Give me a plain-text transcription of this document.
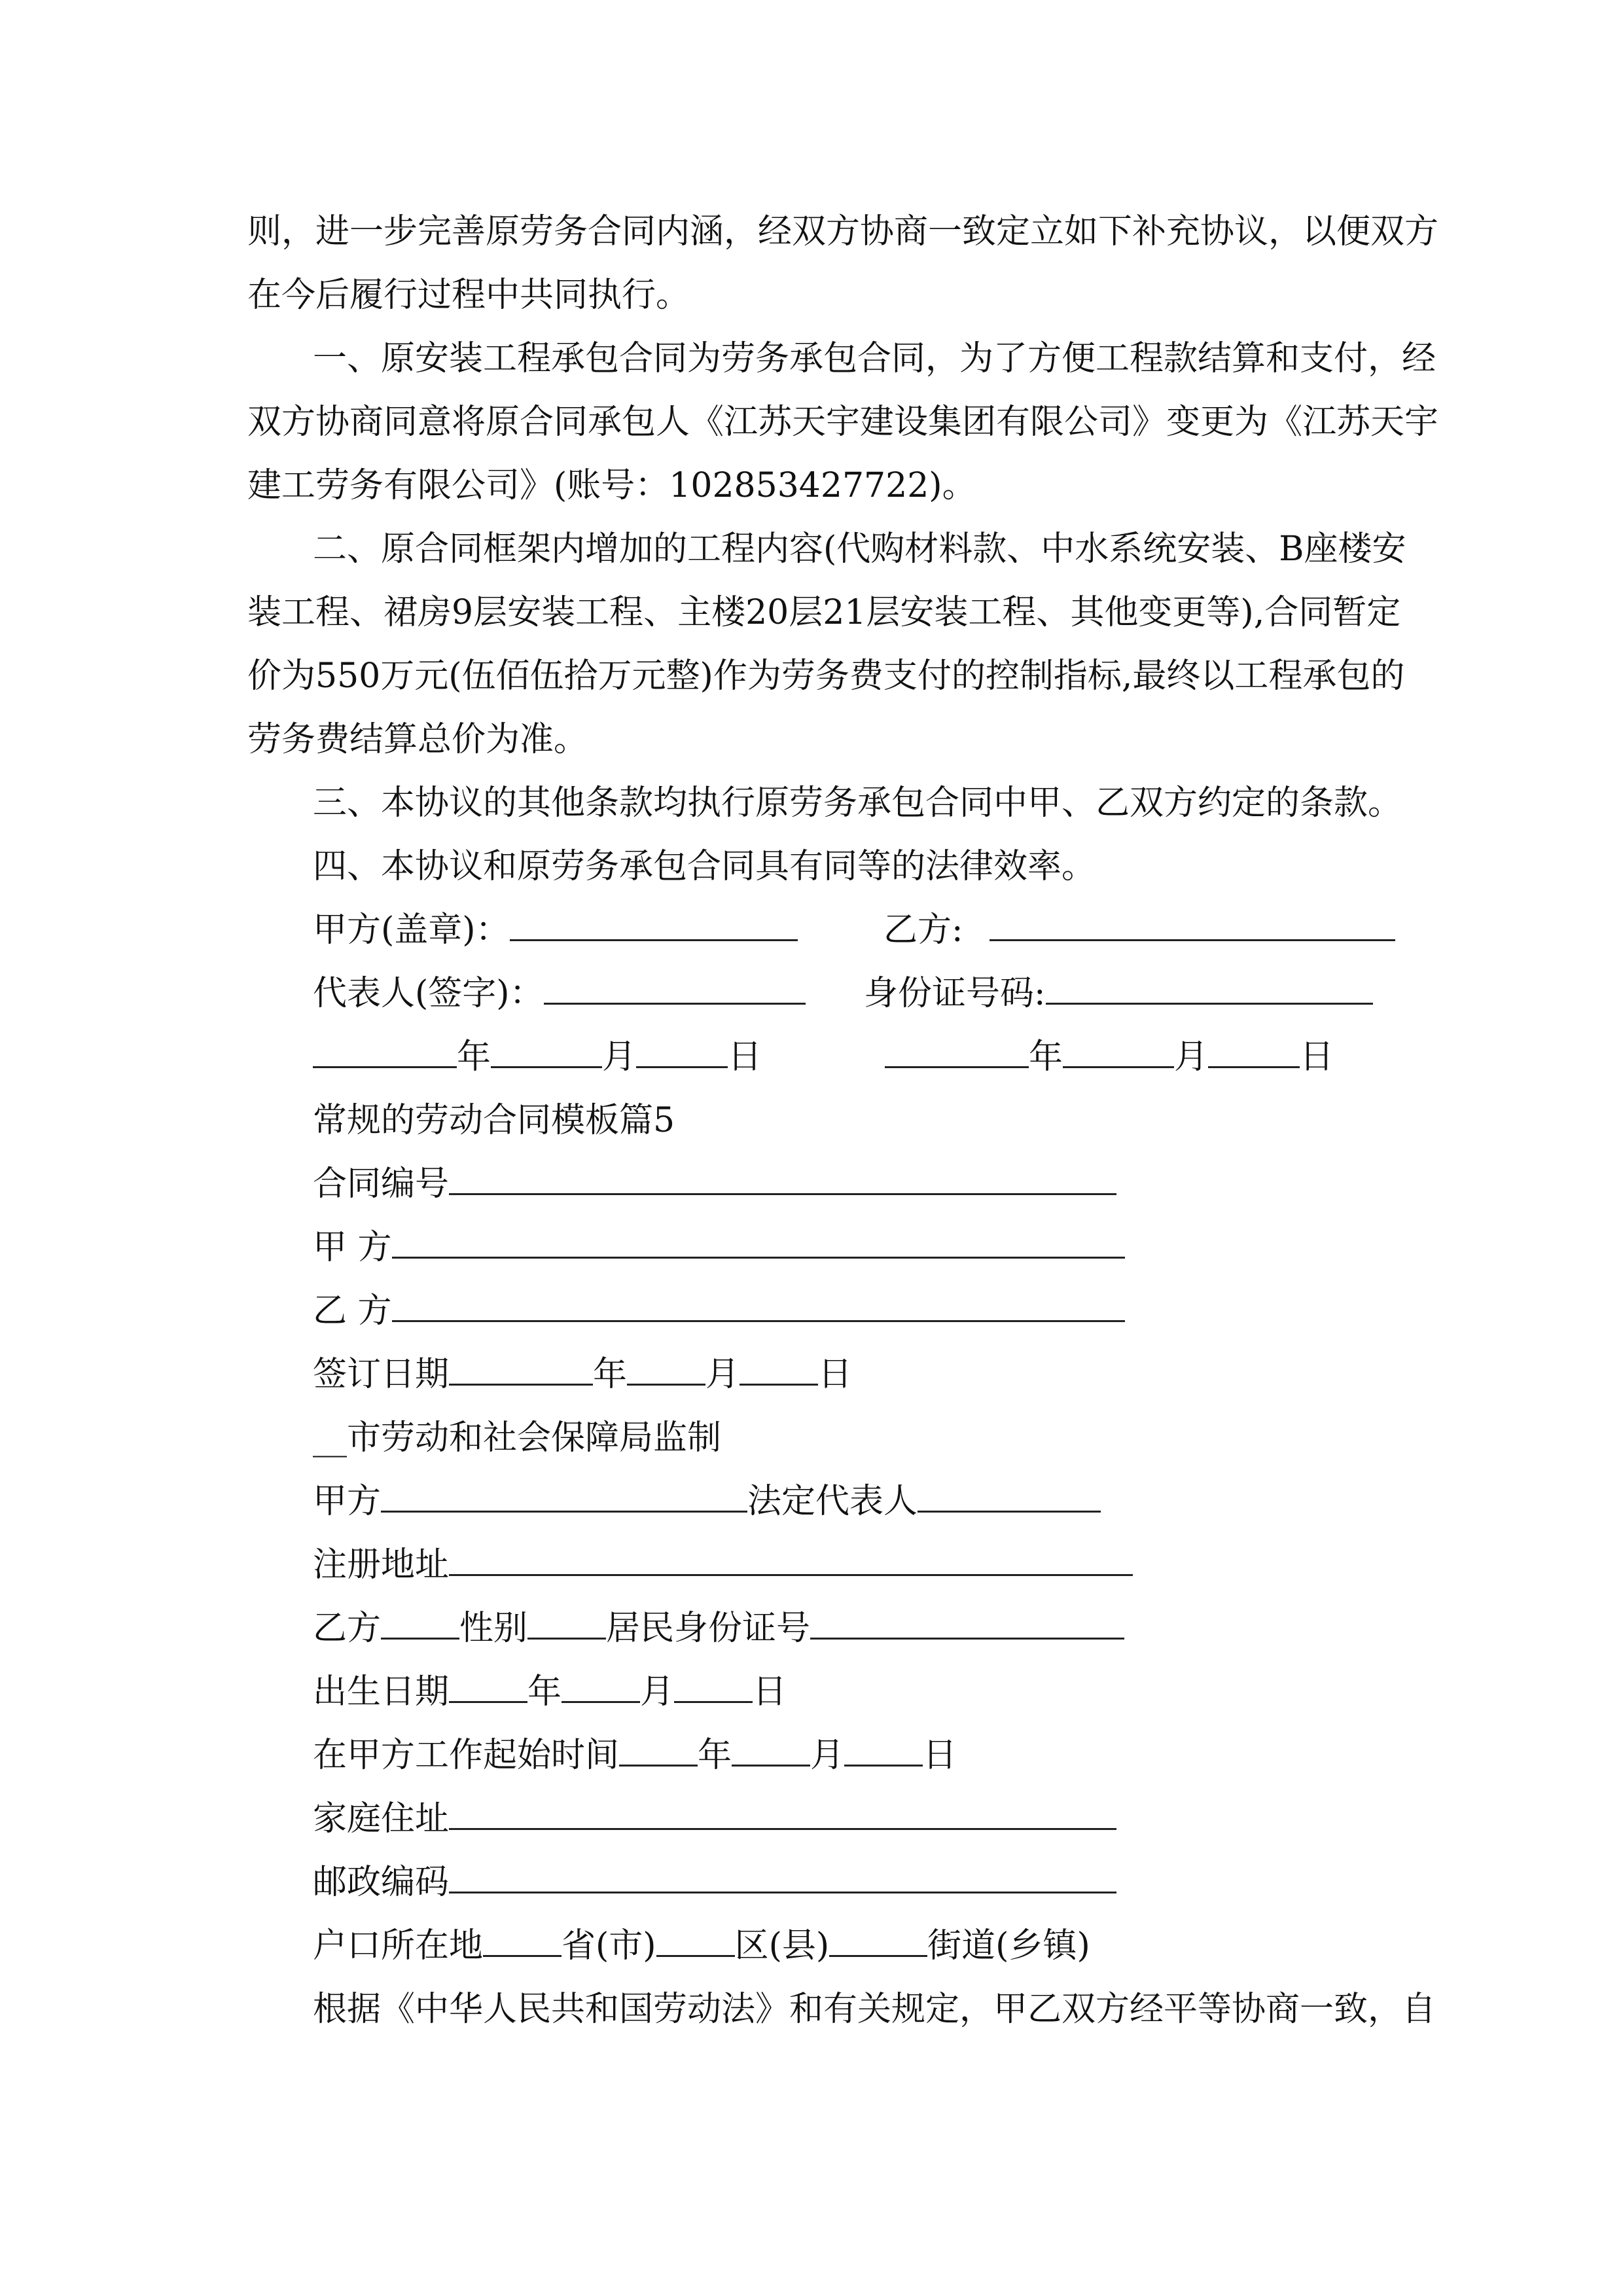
则，进一步完善原劳务合同内涵，经双方协商一致定立如下补充协议，以便双方
在今后履行过程中共同执行。
一、原安装工程承包合同为劳务承包合同，为了方便工程款结算和支付，经
双方协商同意将原合同承包人《江苏天宇建设集团有限公司》变更为《江苏天宇
建工劳务有限公司》(账号：102853427722)。
二、原合同框架内增加的工程内容(代购材料款、中水系统安装、B座楼安
装工程、裙房9层安装工程、主楼20层21层安装工程、其他变更等),合同暂定
价为550万元(伍佰伍拾万元整)作为劳务费支付的控制指标,最终以工程承包的
劳务费结算总价为准。
三、本协议的其他条款均执行原劳务承包合同中甲、乙双方约定的条款。
四、本协议和原劳务承包合同具有同等的法律效率。
甲方(盖章)：	乙方:
代表人(签字)：	身份证号码:
年	月	日	年	月	日
常规的劳动合同模板篇5
合同编号
甲 方
乙 方
签订日期	年 月 日
__市劳动和社会保障局监制
甲方	法定代表人
注册地址
乙方 性别 居民身份证号
出生日期 年 月 日
在甲方工作起始时间 年 月 日
家庭住址
邮政编码
户口所在地 省(市) 区(县)	街道(乡镇)
根据《中华人民共和国劳动法》和有关规定，甲乙双方经平等协商一致，自
